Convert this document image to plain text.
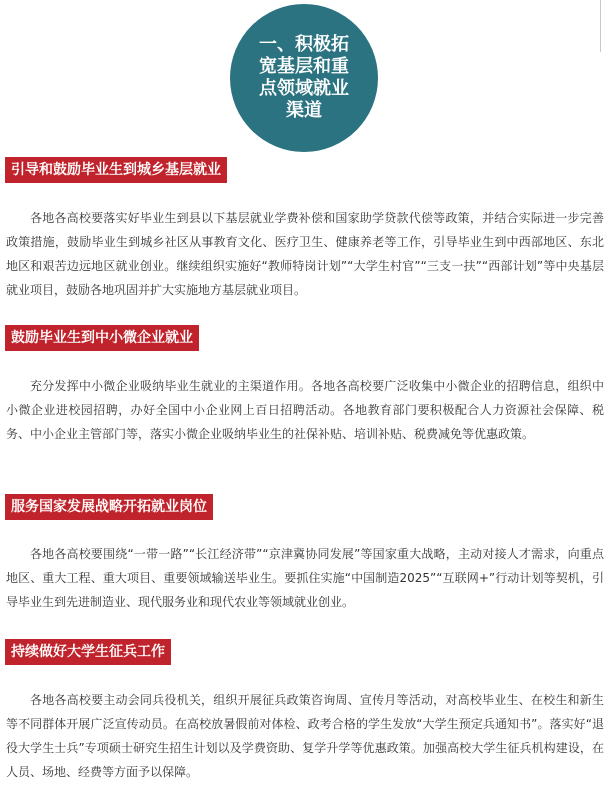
一、积极拓宽基层和重点领域就业渠道
引导和鼓励毕业生到城乡基层就业
各地各高校要落实好毕业生到县以下基层就业学费补偿和国家助学贷款代偿等政策，并结合实际进一步完善政策措施，鼓励毕业生到城乡社区从事教育文化、医疗卫生、健康养老等工作，引导毕业生到中西部地区、东北地区和艰苦边远地区就业创业。继续组织实施好“教师特岗计划”“大学生村官”“三支一扶”“西部计划”等中央基层就业项目，鼓励各地巩固并扩大实施地方基层就业项目。
鼓励毕业生到中小微企业就业
充分发挥中小微企业吸纳毕业生就业的主渠道作用。各地各高校要广泛收集中小微企业的招聘信息，组织中小微企业进校园招聘，办好全国中小企业网上百日招聘活动。各地教育部门要积极配合人力资源社会保障、税务、中小企业主管部门等，落实小微企业吸纳毕业生的社保补贴、培训补贴、税费减免等优惠政策。
服务国家发展战略开拓就业岗位
各地各高校要围绕“一带一路”“长江经济带”“京津冀协同发展”等国家重大战略，主动对接人才需求，向重点地区、重大工程、重大项目、重要领域输送毕业生。要抓住实施“中国制造2025”“互联网+”行动计划等契机，引导毕业生到先进制造业、现代服务业和现代农业等领域就业创业。
持续做好大学生征兵工作
各地各高校要主动会同兵役机关，组织开展征兵政策咨询周、宣传月等活动，对高校毕业生、在校生和新生等不同群体开展广泛宣传动员。在高校放暑假前对体检、政考合格的学生发放“大学生预定兵通知书”。落实好“退役大学生士兵”专项硕士研究生招生计划以及学费资助、复学升学等优惠政策。加强高校大学生征兵机构建设，在人员、场地、经费等方面予以保障。
